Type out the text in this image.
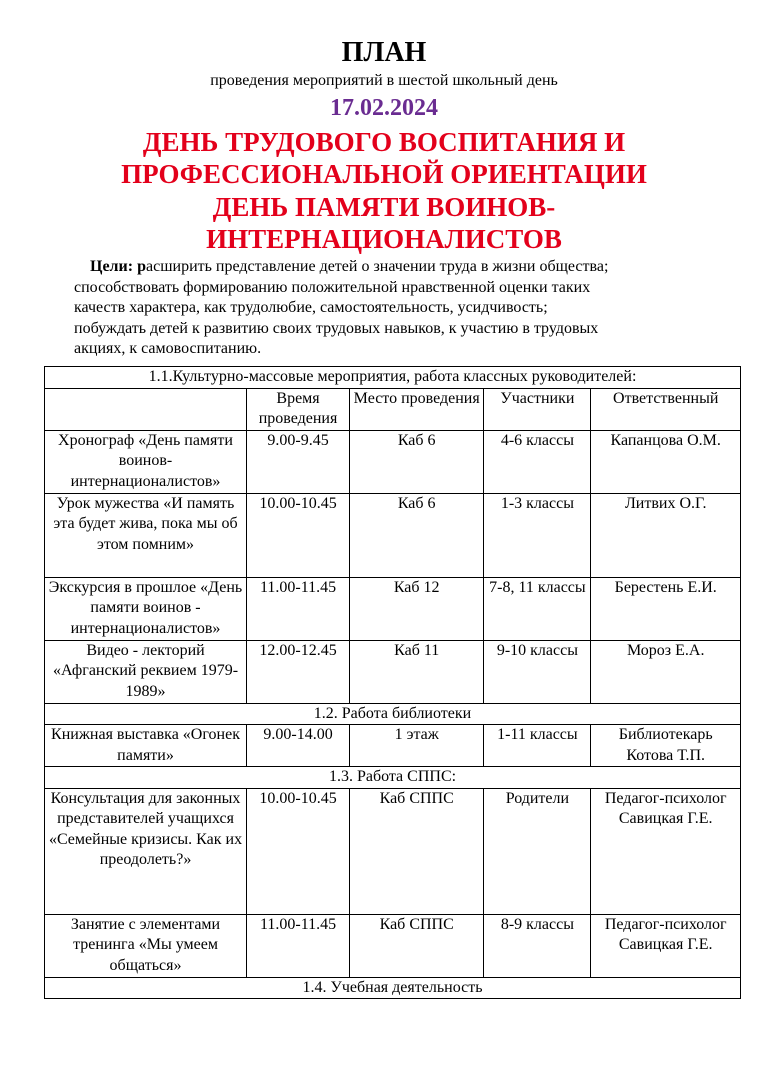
ПЛАН
проведения мероприятий в шестой школьный день
17.02.2024
ДЕНЬ ТРУДОВОГО ВОСПИТАНИЯ И
ПРОФЕССИОНАЛЬНОЙ ОРИЕНТАЦИИ
ДЕНЬ ПАМЯТИ ВОИНОВ-
ИНТЕРНАЦИОНАЛИСТОВ
Цели: расширить представление детей о значении труда в жизни общества;
способствовать формированию положительной нравственной оценки таких
качеств характера, как трудолюбие, самостоятельность, усидчивость;
побуждать детей к развитию своих трудовых навыков, к участию в трудовых
акциях, к самовоспитанию.
1.1.Культурно-массовые мероприятия, работа классных руководителей:				
	Время проведения	Место проведения	Участники	Ответственный
Хронограф «День памяти воинов-интернационалистов»	9.00-9.45	Каб 6	4-6 классы	Капанцова О.М.
Урок мужества «И память эта будет жива, пока мы об этом помним»	10.00-10.45	Каб 6	1-3 классы	Литвих О.Г.
Экскурсия в прошлое «День памяти воинов - интернационалистов»	11.00-11.45	Каб 12	7-8, 11 классы	Берестень Е.И.
Видео - лекторий «Афганский реквием 1979-1989»	12.00-12.45	Каб 11	9-10 классы	Мороз Е.А.
1.2. Работа библиотеки				
Книжная выставка «Огонек памяти»	9.00-14.00	1 этаж	1-11 классы	Библиотекарь Котова Т.П.
1.3. Работа СППС:				
Консультация для законных представителей учащихся «Семейные кризисы. Как их преодолеть?»	10.00-10.45	Каб СППС	Родители	Педагог-психолог Савицкая Г.Е.
Занятие с элементами тренинга «Мы умеем общаться»	11.00-11.45	Каб СППС	8-9 классы	Педагог-психолог Савицкая Г.Е.
1.4. Учебная деятельность				
